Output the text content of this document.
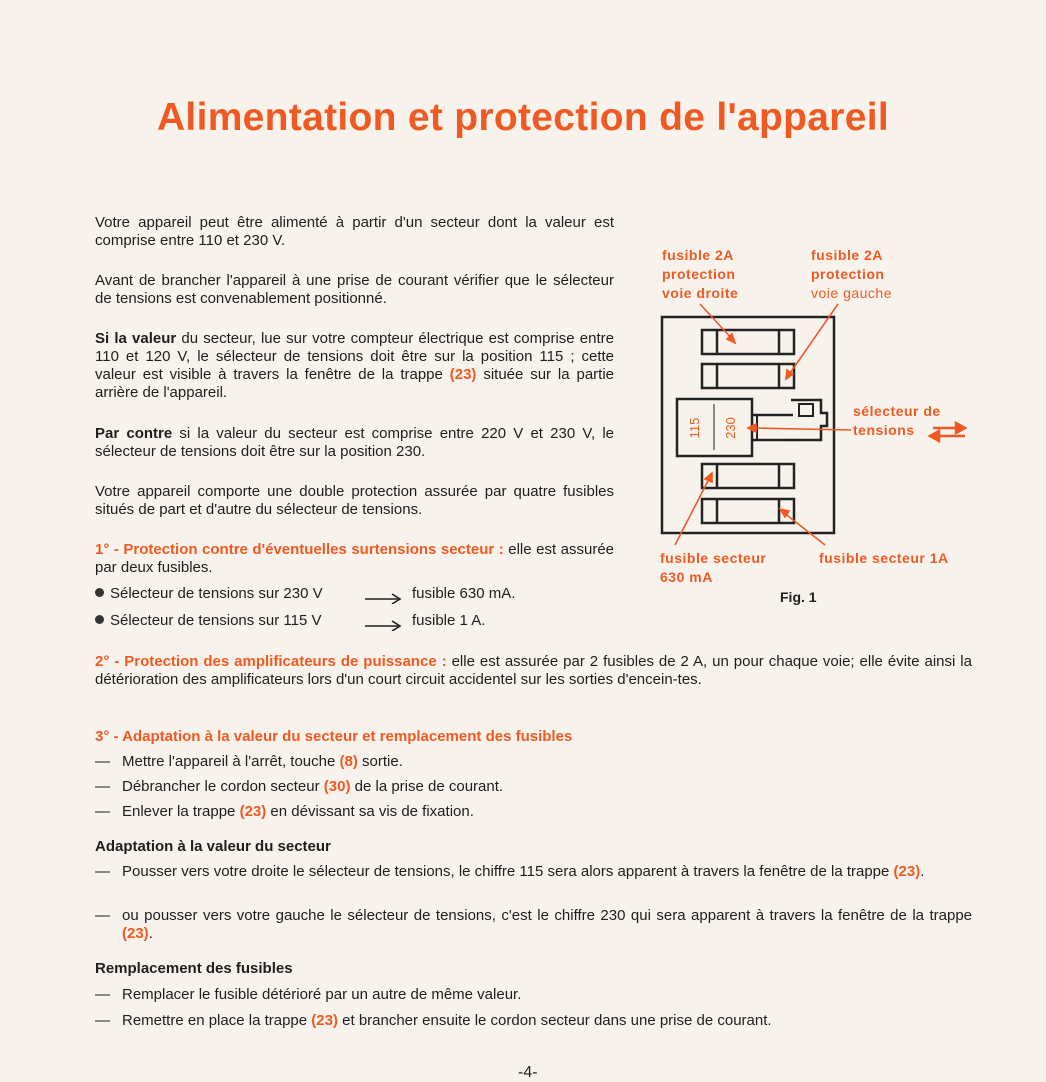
Alimentation et protection de l'appareil

Votre appareil peut être alimenté à partir d'un secteur dont la valeur est comprise entre 110 et 230 V.

Avant de brancher l'appareil à une prise de courant vérifier que le sélecteur de tensions est convenablement positionné.

Si la valeur du secteur, lue sur votre compteur électrique est comprise entre 110 et 120 V, le sélecteur de tensions doit être sur la position 115 ; cette valeur est visible à travers la fenêtre de la trappe (23) située sur la partie arrière de l'appareil.

Par contre si la valeur du secteur est comprise entre 220 V et 230 V, le sélecteur de tensions doit être sur la position 230.

Votre appareil comporte une double protection assurée par quatre fusibles situés de part et d'autre du sélecteur de tensions.

1° - Protection contre d'éventuelles surtensions secteur : elle est assurée par deux fusibles.

Sélecteur de tensions sur 230 V	fusible 630 mA.
Sélecteur de tensions sur 115 V	fusible 1 A.
fusible 2A
protection
voie droite
fusible 2A
protection
voie gauche
sélecteur de
tensions
fusible secteur
630 mA
fusible secteur 1A
Fig. 1
115 230

2° - Protection des amplificateurs de puissance : elle est assurée par 2 fusibles de 2 A, un pour chaque voie; elle évite ainsi la détérioration des amplificateurs lors d'un court circuit accidentel sur les sorties d'encein-tes.

3° - Adaptation à la valeur du secteur et remplacement des fusibles
— Mettre l'appareil à l'arrêt, touche (8) sortie.
— Débrancher le cordon secteur (30) de la prise de courant.
— Enlever la trappe (23) en dévissant sa vis de fixation.
Adaptation à la valeur du secteur
— Pousser vers votre droite le sélecteur de tensions, le chiffre 115 sera alors apparent à travers la fenêtre de la trappe (23).
— ou pousser vers votre gauche le sélecteur de tensions, c'est le chiffre 230 qui sera apparent à travers la fenêtre de la trappe (23).
Remplacement des fusibles
— Remplacer le fusible détérioré par un autre de même valeur.
— Remettre en place la trappe (23) et brancher ensuite le cordon secteur dans une prise de courant.
-4-
